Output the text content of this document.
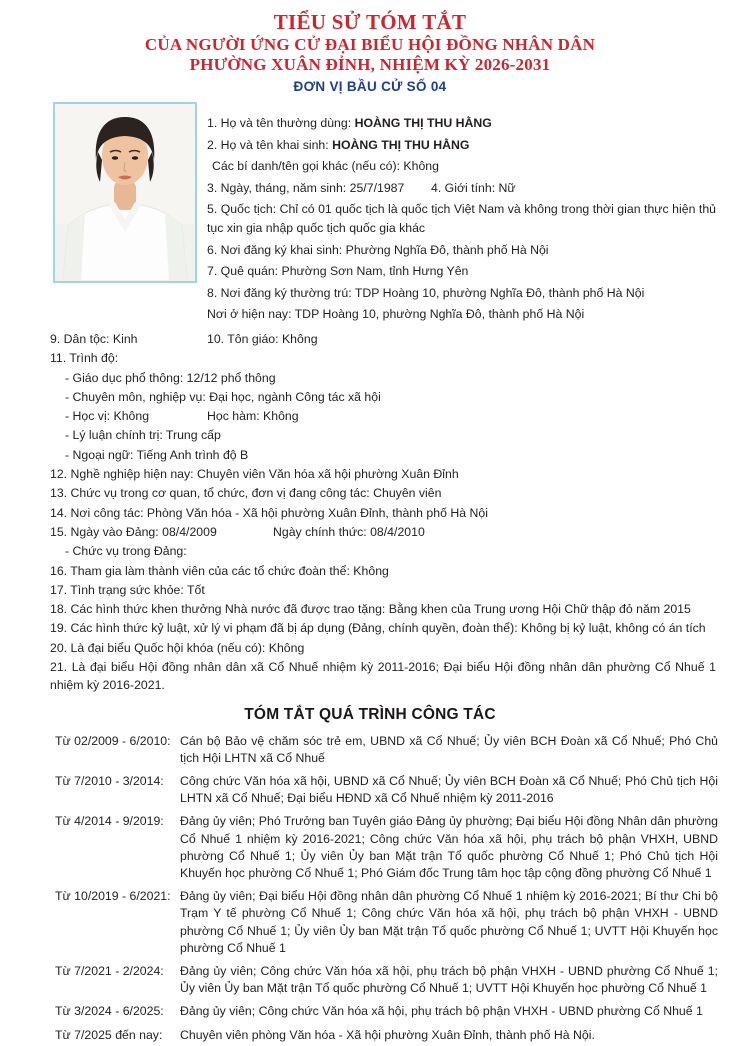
TIỂU SỬ TÓM TẮT
CỦA NGƯỜI ỨNG CỬ ĐẠI BIỂU HỘI ĐỒNG NHÂN DÂN
PHƯỜNG XUÂN ĐỈNH, NHIỆM KỲ 2026-2031
ĐƠN VỊ BẦU CỬ SỐ 04

1. Họ và tên thường dùng: HOÀNG THỊ THU HẰNG

2. Họ và tên khai sinh: HOÀNG THỊ THU HẰNG

Các bí danh/tên gọi khác (nếu có): Không

3. Ngày, tháng, năm sinh: 25/7/1987 4. Giới tính: Nữ

5. Quốc tịch: Chỉ có 01 quốc tịch là quốc tịch Việt Nam và không trong thời gian thực hiện thủ tục xin gia nhập quốc tịch quốc gia khác

6. Nơi đăng ký khai sinh: Phường Nghĩa Đô, thành phố Hà Nội

7. Quê quán: Phường Sơn Nam, tỉnh Hưng Yên

8. Nơi đăng ký thường trú: TDP Hoàng 10, phường Nghĩa Đô, thành phố Hà Nội

Nơi ở hiện nay: TDP Hoàng 10, phường Nghĩa Đô, thành phố Hà Nội

9. Dân tộc: Kinh	10. Tôn giáo: Không

11. Trình độ:

- Giáo dục phổ thông: 12/12 phổ thông

- Chuyên môn, nghiệp vụ: Đại học, ngành Công tác xã hội

- Học vị: Không	Học hàm: Không

- Lý luận chính trị: Trung cấp

- Ngoại ngữ: Tiếng Anh trình độ B

12. Nghề nghiệp hiện nay: Chuyên viên Văn hóa xã hội phường Xuân Đỉnh

13. Chức vụ trong cơ quan, tổ chức, đơn vị đang công tác: Chuyên viên

14. Nơi công tác: Phòng Văn hóa - Xã hội phường Xuân Đỉnh, thành phố Hà Nội

15. Ngày vào Đảng: 08/4/2009	Ngày chính thức: 08/4/2010

- Chức vụ trong Đảng:

16. Tham gia làm thành viên của các tổ chức đoàn thể: Không

17. Tình trạng sức khỏe: Tốt

18. Các hình thức khen thưởng Nhà nước đã được trao tặng: Bằng khen của Trung ương Hội Chữ thập đỏ năm 2015

19. Các hình thức kỷ luật, xử lý vi phạm đã bị áp dụng (Đảng, chính quyền, đoàn thể): Không bị kỷ luật, không có án tích

20. Là đại biểu Quốc hội khóa (nếu có): Không

21. Là đại biểu Hội đồng nhân dân xã Cổ Nhuế nhiệm kỳ 2011-2016; Đại biểu Hội đồng nhân dân phường Cổ Nhuế 1 nhiệm kỳ 2016-2021.

TÓM TẮT QUÁ TRÌNH CÔNG TÁC
Từ 02/2009 - 6/2010: Cán bộ Bảo vệ chăm sóc trẻ em, UBND xã Cổ Nhuế; Ủy viên BCH Đoàn xã Cổ Nhuế; Phó Chủ tịch Hội LHTN xã Cổ Nhuế
Từ 7/2010 - 3/2014:	Công chức Văn hóa xã hội, UBND xã Cổ Nhuế; Ủy viên BCH Đoàn xã Cổ Nhuế; Phó Chủ tịch Hội LHTN xã Cổ Nhuế; Đại biểu HĐND xã Cổ Nhuế nhiệm kỳ 2011-2016
Từ 4/2014 - 9/2019:	Đảng ủy viên; Phó Trưởng ban Tuyên giáo Đảng ủy phường; Đại biểu Hội đồng Nhân dân phường Cổ Nhuế 1 nhiệm kỳ 2016-2021; Công chức Văn hóa xã hội, phụ trách bộ phận VHXH, UBND phường Cổ Nhuế 1; Ủy viên Ủy ban Mặt trận Tổ quốc phường Cổ Nhuế 1; Phó Chủ tịch Hội Khuyến học phường Cổ Nhuế 1; Phó Giám đốc Trung tâm học tập cộng đồng phường Cổ Nhuế 1
Từ 10/2019 - 6/2021: Đảng ủy viên; Đại biểu Hội đồng nhân dân phường Cổ Nhuế 1 nhiệm kỳ 2016-2021; Bí thư Chi bộ Trạm Y tế phường Cổ Nhuế 1; Công chức Văn hóa xã hội, phụ trách bộ phận VHXH - UBND phường Cổ Nhuế 1; Ủy viên Ủy ban Mặt trận Tổ quốc phường Cổ Nhuế 1; UVTT Hội Khuyến học phường Cổ Nhuế 1
Từ 7/2021 - 2/2024:	Đảng ủy viên; Công chức Văn hóa xã hội, phụ trách bộ phận VHXH - UBND phường Cổ Nhuế 1; Ủy viên Ủy ban Mặt trận Tổ quốc phường Cổ Nhuế 1; UVTT Hội Khuyến học phường Cổ Nhuế 1
Từ 3/2024 - 6/2025:	Đảng ủy viên; Công chức Văn hóa xã hội, phụ trách bộ phận VHXH - UBND phường Cổ Nhuế 1
Từ 7/2025 đến nay:	Chuyên viên phòng Văn hóa - Xã hội phường Xuân Đỉnh, thành phố Hà Nội.
